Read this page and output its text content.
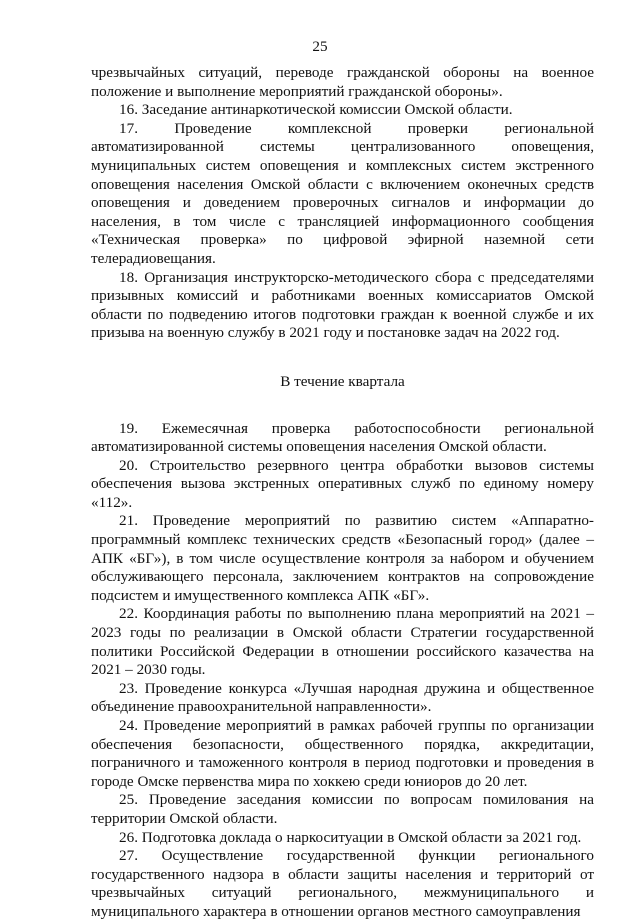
25

чрезвычайных ситуаций, переводе гражданской обороны на военное положение и выполнение мероприятий гражданской обороны».

16. Заседание антинаркотической комиссии Омской области.

17. Проведение комплексной проверки региональной автоматизированной системы централизованного оповещения, муниципальных систем оповещения и комплексных систем экстренного оповещения населения Омской области с включением оконечных средств оповещения и доведением проверочных сигналов и информации до населения, в том числе с трансляцией информационного сообщения «Техническая проверка» по цифровой эфирной наземной сети телерадиовещания.

18. Организация инструкторско-методического сбора с председателями призывных комиссий и работниками военных комиссариатов Омской области по подведению итогов подготовки граждан к военной службе и их призыва на военную службу в 2021 году и постановке задач на 2022 год.

В течение квартала

19. Ежемесячная проверка работоспособности региональной автоматизированной системы оповещения населения Омской области.

20. Строительство резервного центра обработки вызовов системы обеспечения вызова экстренных оперативных служб по единому номеру «112».

21. Проведение мероприятий по развитию систем «Аппаратно-программный комплекс технических средств «Безопасный город» (далее – АПК «БГ»), в том числе осуществление контроля за набором и обучением обслуживающего персонала, заключением контрактов на сопровождение подсистем и имущественного комплекса АПК «БГ».

22. Координация работы по выполнению плана мероприятий на 2021 – 2023 годы по реализации в Омской области Стратегии государственной политики Российской Федерации в отношении российского казачества на 2021 – 2030 годы.

23. Проведение конкурса «Лучшая народная дружина и общественное объединение правоохранительной направленности».

24. Проведение мероприятий в рамках рабочей группы по организации обеспечения безопасности, общественного порядка, аккредитации, пограничного и таможенного контроля в период подготовки и проведения в городе Омске первенства мира по хоккею среди юниоров до 20 лет.

25. Проведение заседания комиссии по вопросам помилования на территории Омской области.

26. Подготовка доклада о наркоситуации в Омской области за 2021 год.

27. Осуществление государственной функции регионального государственного надзора в области защиты населения и территорий от чрезвычайных ситуаций регионального, межмуниципального и муниципального характера в отношении органов местного самоуправления
